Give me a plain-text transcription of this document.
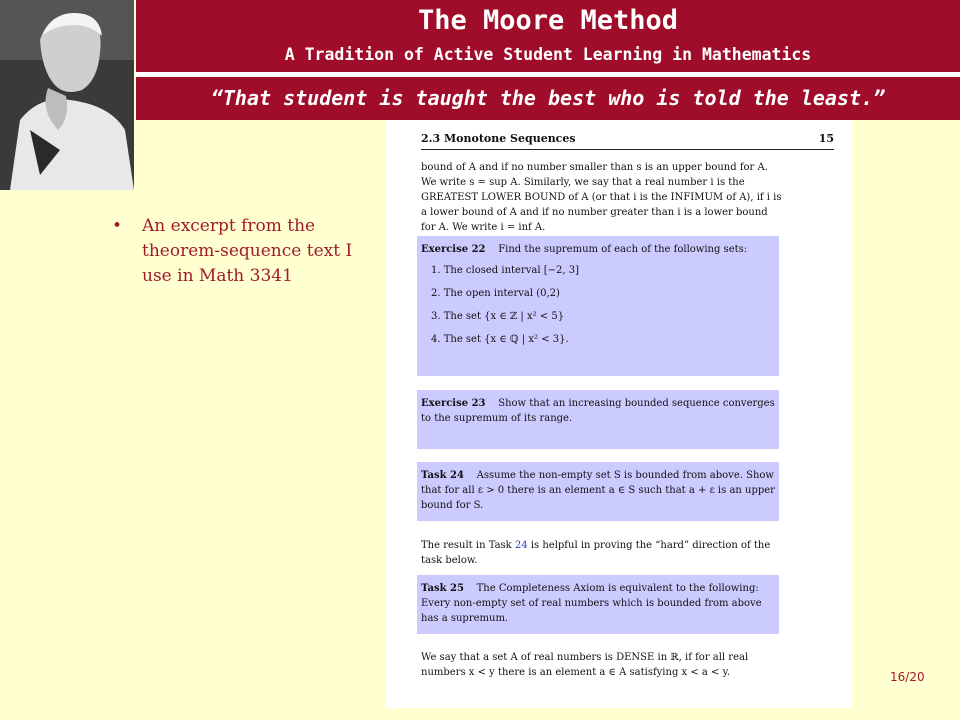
The Moore Method
A Tradition of Active Student Learning in Mathematics
“That student is taught the best who is told the least.”
• An excerpt from the theorem-sequence text I use in Math 3341
2.3 Monotone Sequences	15
bound of A and if no number smaller than s is an upper bound for A. We write s = sup A. Similarly, we say that a real number i is the GREATEST LOWER BOUND of A (or that i is the INFIMUM of A), if i is a lower bound of A and if no number greater than i is a lower bound for A. We write i = inf A.
Exercise 22 Find the supremum of each of the following sets:
1. The closed interval [−2, 3]
2. The open interval (0,2)
3. The set {x ∈ ℤ | x² < 5}
4. The set {x ∈ ℚ | x² < 3}.
Exercise 23 Show that an increasing bounded sequence converges to the supremum of its range.
Task 24 Assume the non-empty set S is bounded from above. Show that for all ε > 0 there is an element a ∈ S such that a + ε is an upper bound for S.
The result in Task 24 is helpful in proving the “hard” direction of the task below.
Task 25 The Completeness Axiom is equivalent to the following: Every non-empty set of real numbers which is bounded from above has a supremum.
We say that a set A of real numbers is DENSE in ℝ, if for all real numbers x < y there is an element a ∈ A satisfying x < a < y.	16/20
